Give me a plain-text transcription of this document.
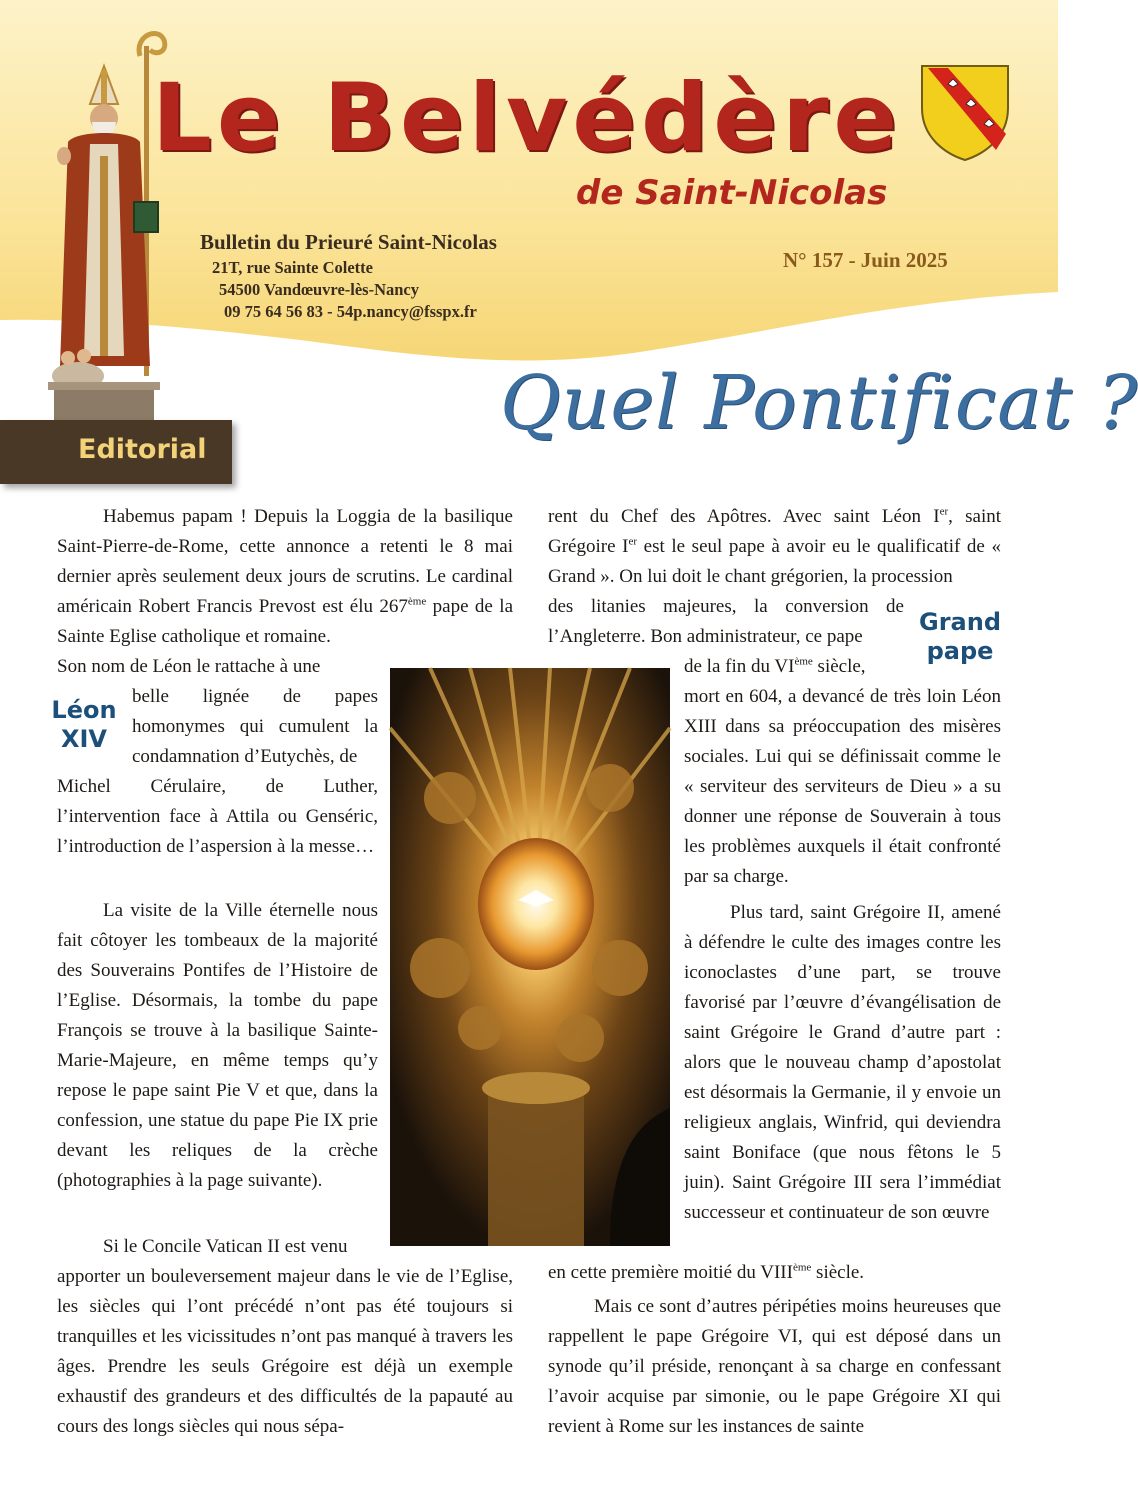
Le Belvédère
de Saint-Nicolas
Bulletin du Prieuré Saint-Nicolas
21T, rue Sainte Colette
54500 Vandœuvre-lès-Nancy
09 75 64 56 83 - 54p.nancy@fsspx.fr
N° 157 - Juin 2025
Editorial
Quel Pontificat ?

Habemus papam ! Depuis la Loggia de la basilique Saint-Pierre-de-Rome, cette annonce a retenti le 8 mai dernier après seulement deux jours de scrutins. Le cardinal américain Robert Francis Prevost est élu 267ème pape de la Sainte Eglise catholique et romaine.

Son nom de Léon le rattache à une

Léon
XIV

belle lignée de papes homonymes qui cumulent la condamnation d’Eutychès, de

Michel Cérulaire, de Luther, l’intervention face à Attila ou Genséric, l’introduction de l’aspersion à la messe…

La visite de la Ville éternelle nous fait côtoyer les tombeaux de la majorité des Souverains Pontifes de l’Histoire de l’Eglise. Désormais, la tombe du pape François se trouve à la basilique Sainte-Marie-Majeure, en même temps qu’y repose le pape saint Pie V et que, dans la confession, une statue du pape Pie IX prie devant les reliques de la crèche (photographies à la page suivante).

Si le Concile Vatican II est venu

apporter un bouleversement majeur dans le vie de l’Eglise, les siècles qui l’ont précédé n’ont pas été toujours si tranquilles et les vicissitudes n’ont pas manqué à travers les âges. Prendre les seuls Grégoire est déjà un exemple exhaustif des grandeurs et des difficultés de la papauté au cours des longs siècles qui nous sépa-

rent du Chef des Apôtres. Avec saint Léon Ier, saint Grégoire Ier est le seul pape à avoir eu le qualificatif de « Grand ». On lui doit le chant grégorien, la procession

des litanies majeures, la conversion de l’Angleterre. Bon administrateur, ce pape

Grand
pape

de la fin du VIème siècle,

mort en 604, a devancé de très loin Léon XIII dans sa préoccupation des misères sociales. Lui qui se définissait comme le « serviteur des serviteurs de Dieu » a su donner une réponse de Souverain à tous les problèmes auxquels il était confronté par sa charge.

Plus tard, saint Grégoire II, amené à défendre le culte des images contre les iconoclastes d’une part, se trouve favorisé par l’œuvre d’évangélisation de saint Grégoire le Grand d’autre part : alors que le nouveau champ d’apostolat est désormais la Germanie, il y envoie un religieux anglais, Winfrid, qui deviendra saint Boniface (que nous fêtons le 5 juin). Saint Grégoire III sera l’immédiat successeur et continuateur de son œuvre

en cette première moitié du VIIIème siècle.

Mais ce sont d’autres péripéties moins heureuses que rappellent le pape Grégoire VI, qui est déposé dans un synode qu’il préside, renonçant à sa charge en confessant l’avoir acquise par simonie, ou le pape Grégoire XI qui revient à Rome sur les instances de sainte
